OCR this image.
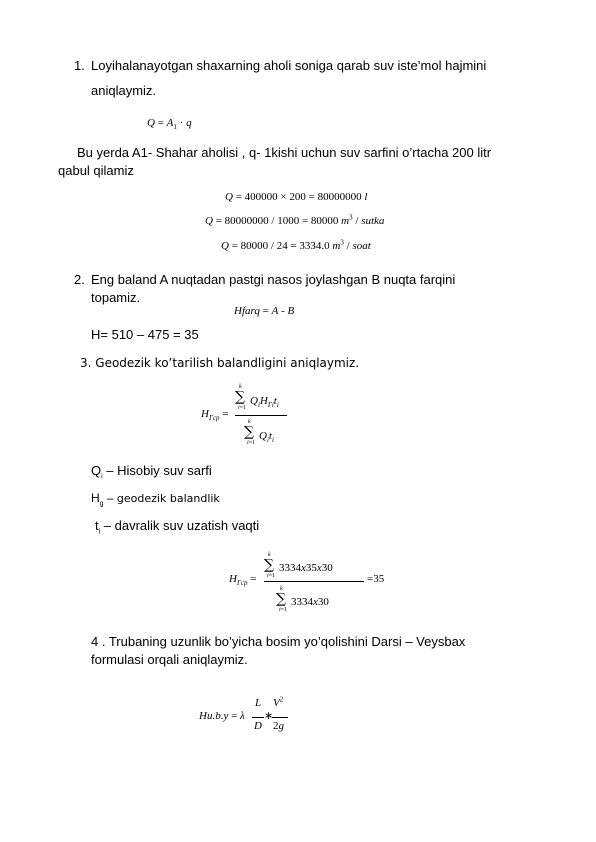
1. Loyihalanayotgan shaxarning aholi soniga qarab suv iste’mol hajmini
aniqlaymiz.
$Q = A_1 \cdot q$
Bu yerda A1- Shahar aholisi , q- 1kishi uchun suv sarfini o’rtacha 200 litr
qabul qilamiz
Q = 400000 × 200 = 80000000 l
Q = 80000000 / 1000 = 80000 $m^3$ / sutka
Q = 80000 / 24 = 3334.0 $m^3$ / soat
2. Eng baland A nuqtadan pastgi nasos joylashgan B nuqta farqini
topamiz.
Hfarq = A - B
H= 510 – 475 = 35
3. Geodezik ko’tarilish balandligini aniqlaymiz.
$H_{\Gamma cp}$ =
k
∑
i=1
$Q_iH_{\Gamma i}t_i$
k
∑
i=1
$Q_it_i$
$Q_i$ – Hisobiy suv sarfi
$H_g$ – geodezik balandlik
$t_i$ – davralik suv uzatish vaqti
$H_{\Gamma cp}$ =
k
∑
i=1
3334x35x30
k
∑
i=1
3334x30
=35
4 . Trubaning uzunlik bo’yicha bosim yo’qolishini Darsi – Veysbax
formulasi orqali aniqlaymiz.
Hu.b.y = λ
L
D
∗
$V^2$
2g
